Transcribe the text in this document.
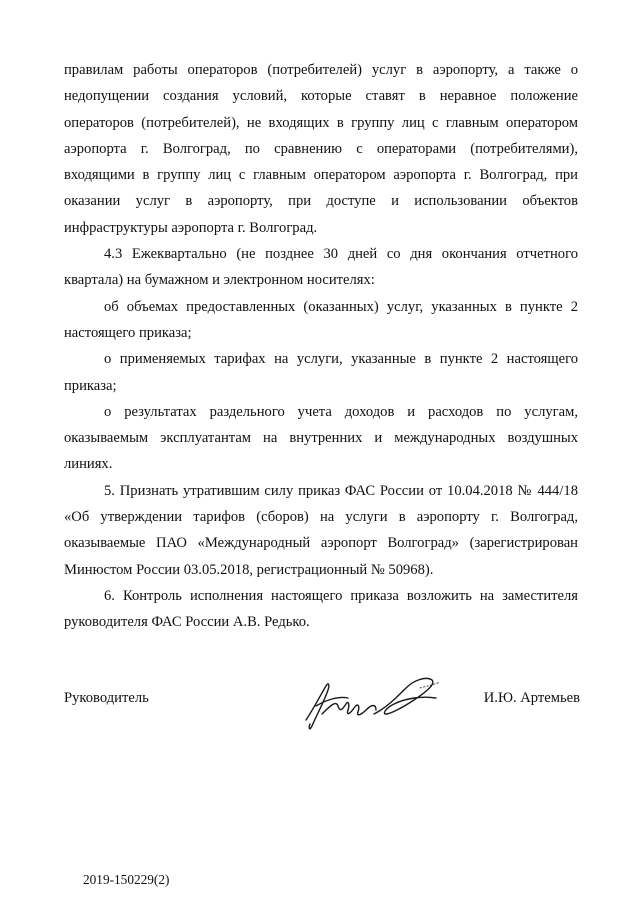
правилам работы операторов (потребителей) услуг в аэропорту, а также о недопущении создания условий, которые ставят в неравное положение операторов (потребителей), не входящих в группу лиц с главным оператором аэропорта г. Волгоград, по сравнению с операторами (потребителями), входящими в группу лиц с главным оператором аэропорта г. Волгоград, при оказании услуг в аэропорту, при доступе и использовании объектов инфраструктуры аэропорта г. Волгоград.

4.3 Ежеквартально (не позднее 30 дней со дня окончания отчетного квартала) на бумажном и электронном носителях:

об объемах предоставленных (оказанных) услуг, указанных в пункте 2 настоящего приказа;

о применяемых тарифах на услуги, указанные в пункте 2 настоящего приказа;

о результатах раздельного учета доходов и расходов по услугам, оказываемым эксплуатантам на внутренних и международных воздушных линиях.

5. Признать утратившим силу приказ ФАС России от 10.04.2018 № 444/18 «Об утверждении тарифов (сборов) на услуги в аэропорту г. Волгоград, оказываемые ПАО «Международный аэропорт Волгоград» (зарегистрирован Минюстом России 03.05.2018, регистрационный № 50968).

6. Контроль исполнения настоящего приказа возложить на заместителя руководителя ФАС России А.В. Редько.

Руководитель	И.Ю. Артемьев
2019-150229(2)
